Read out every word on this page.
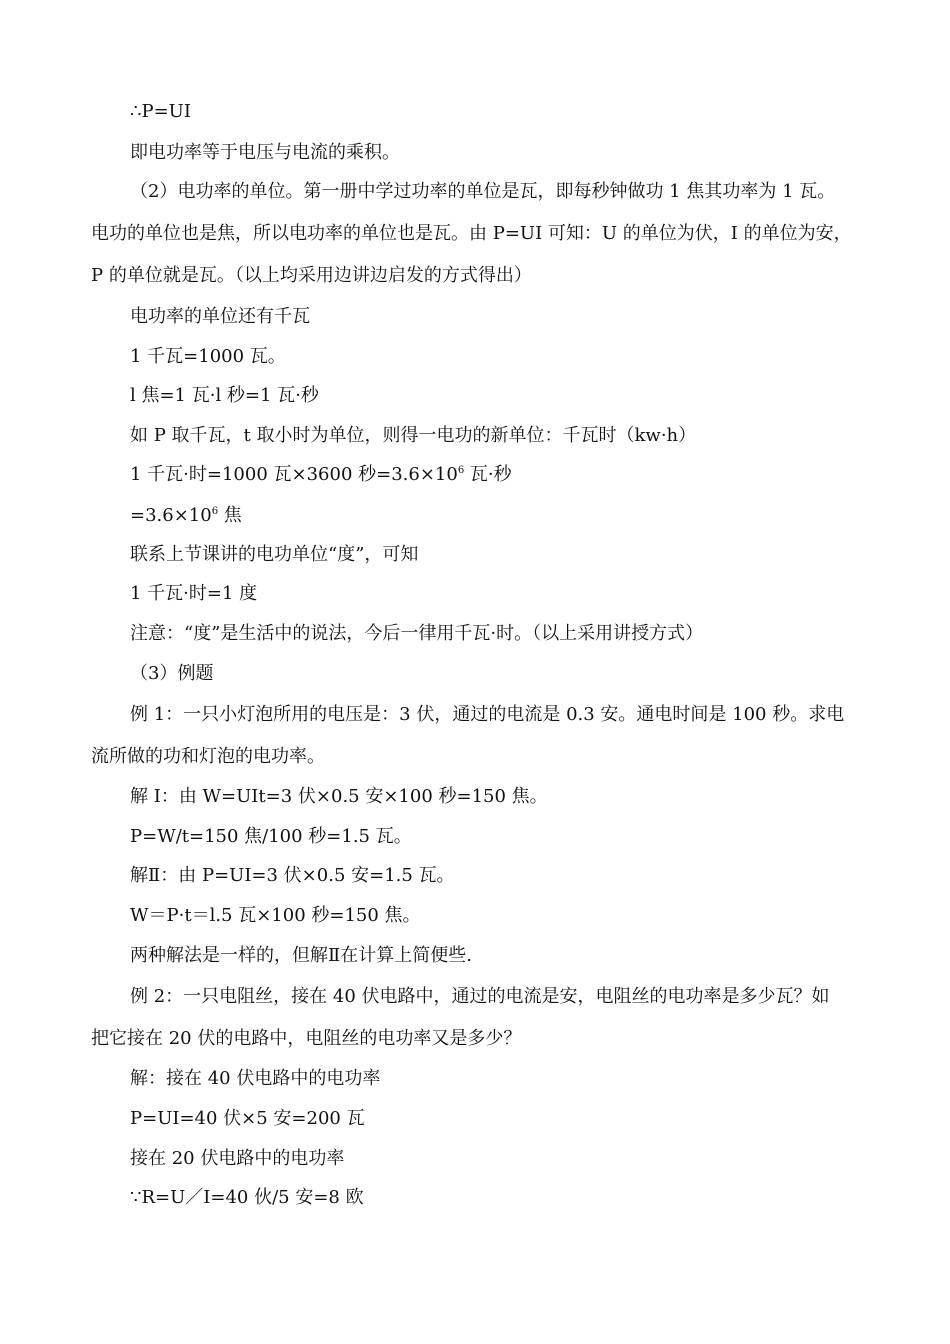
∴P=UI
即电功率等于电压与电流的乘积。
（2）电功率的单位。第一册中学过功率的单位是瓦，即每秒钟做功 1 焦其功率为 1 瓦。
电功的单位也是焦，所以电功率的单位也是瓦。由 P=UI 可知：U 的单位为伏，I 的单位为安，
P 的单位就是瓦。（以上均采用边讲边启发的方式得出）
电功率的单位还有千瓦
1 千瓦=1000 瓦。
l 焦=1 瓦·l 秒=1 瓦·秒
如 P 取千瓦，t 取小时为单位，则得一电功的新单位：千瓦时（kw·h）
1 千瓦·时=1000 瓦×3600 秒$=3.6\times 10^6$ 瓦·秒
$=3.6\times 10^6$ 焦
联系上节课讲的电功单位“度”，可知
1 千瓦·时=1 度
注意：“度”是生活中的说法，今后一律用千瓦·时。（以上采用讲授方式）
（3）例题
例 1：一只小灯泡所用的电压是：3 伏，通过的电流是 0.3 安。通电时间是 100 秒。求电
流所做的功和灯泡的电功率。
解 I：由 W=UIt=3 伏×0.5 安×100 秒=150 焦。
P=W/t=150 焦/100 秒=1.5 瓦。
解Ⅱ：由 P=UI=3 伏×0.5 安=1.5 瓦。
W＝P·t＝l.5 瓦×100 秒=150 焦。
两种解法是一样的，但解Ⅱ在计算上简便些.
例 2：一只电阻丝，接在 40 伏电路中，通过的电流是安，电阻丝的电功率是多少瓦？如
把它接在 20 伏的电路中，电阻丝的电功率又是多少？
解：接在 40 伏电路中的电功率
P=UI=40 伏×5 安=200 瓦
接在 20 伏电路中的电功率
∵R=U／I=40 伙/5 安=8 欧
